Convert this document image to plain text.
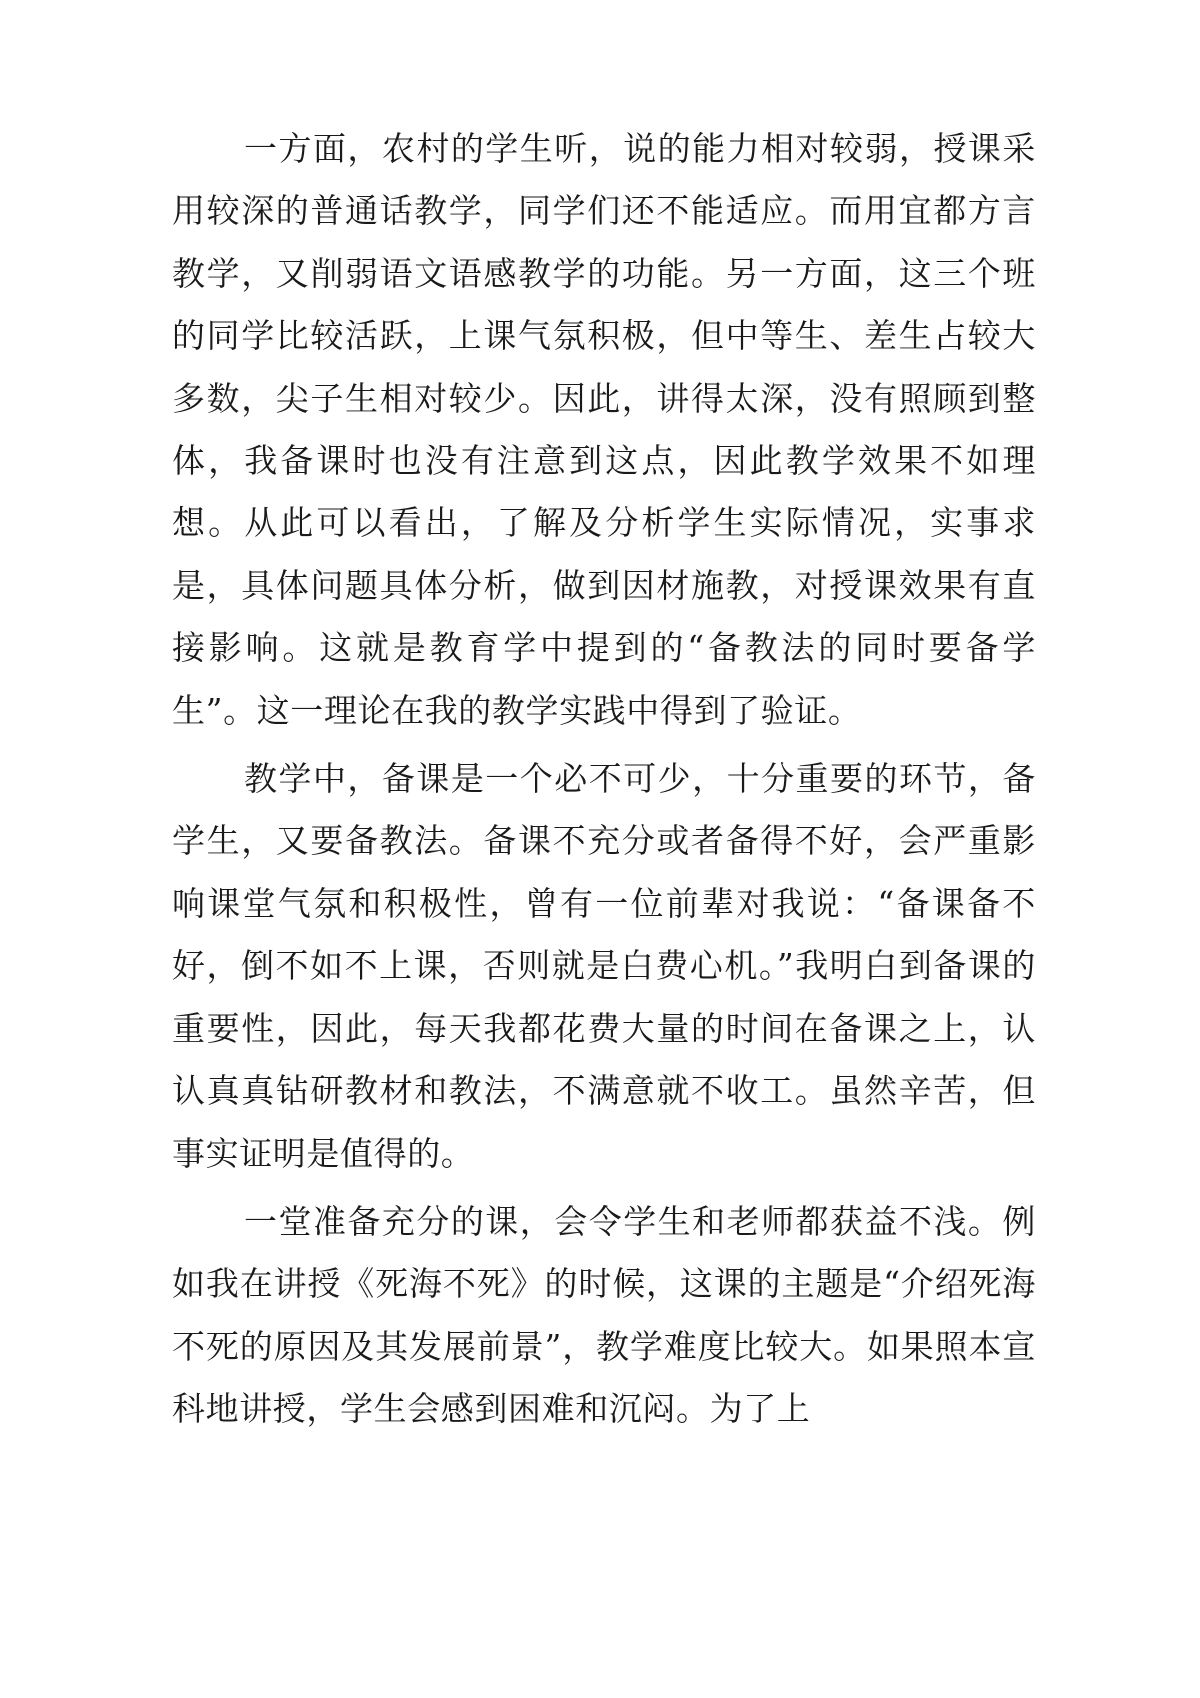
一方面，农村的学生听，说的能力相对较弱，授课采用较深的普通话教学，同学们还不能适应。而用宜都方言教学，又削弱语文语感教学的功能。另一方面，这三个班的同学比较活跃，上课气氛积极，但中等生、差生占较大多数，尖子生相对较少。因此，讲得太深，没有照顾到整体，我备课时也没有注意到这点，因此教学效果不如理想。从此可以看出，了解及分析学生实际情况，实事求是，具体问题具体分析，做到因材施教，对授课效果有直接影响。这就是教育学中提到的“备教法的同时要备学生”。这一理论在我的教学实践中得到了验证。

教学中，备课是一个必不可少，十分重要的环节，备学生，又要备教法。备课不充分或者备得不好，会严重影响课堂气氛和积极性，曾有一位前辈对我说：“备课备不好，倒不如不上课，否则就是白费心机。”我明白到备课的重要性，因此，每天我都花费大量的时间在备课之上，认认真真钻研教材和教法，不满意就不收工。虽然辛苦，但事实证明是值得的。

一堂准备充分的课，会令学生和老师都获益不浅。例如我在讲授《死海不死》的时候，这课的主题是“介绍死海不死的原因及其发展前景”，教学难度比较大。如果照本宣科地讲授，学生会感到困难和沉闷。为了上
